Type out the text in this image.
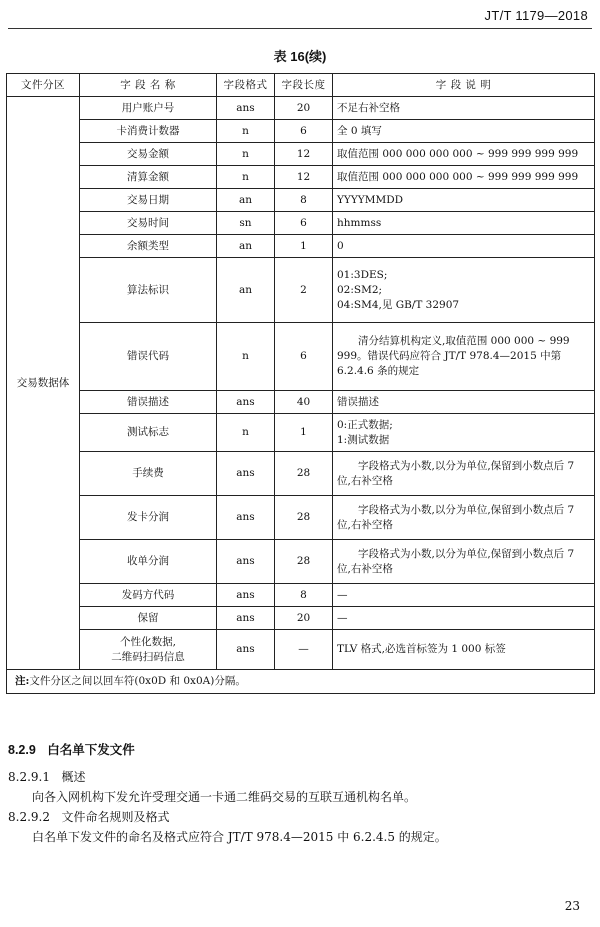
JT/T 1179—2018
表 16(续)
文件分区	字 段 名 称	字段格式	字段长度	字 段 说 明
交易数据体	用户账户号	ans	20	不足右补空格
	卡消费计数器	n	6	全 0 填写
	交易金额	n	12	取值范围 000 000 000 000 ~ 999 999 999 999
	清算金额	n	12	取值范围 000 000 000 000 ~ 999 999 999 999
	交易日期	an	8	YYYYMMDD
	交易时间	sn	6	hhmmss
	余额类型	an	1	0
	算法标识	an	2	01:3DES;
02:SM2;
04:SM4,见 GB/T 32907
	错误代码	n	6	　　清分结算机构定义,取值范围 000 000 ~ 999 999。错误代码应符合 JT/T 978.4—2015 中第 6.2.4.6 条的规定
	错误描述	ans	40	错误描述
	测试标志	n	1	0:正式数据;
1:测试数据
	手续费	ans	28	　　字段格式为小数,以分为单位,保留到小数点后 7 位,右补空格
	发卡分润	ans	28	　　字段格式为小数,以分为单位,保留到小数点后 7 位,右补空格
	收单分润	ans	28	　　字段格式为小数,以分为单位,保留到小数点后 7 位,右补空格
	发码方代码	ans	8	—
	保留	ans	20	—
	个性化数据,
二维码扫码信息	ans	—	TLV 格式,必选首标签为 1 000 标签
注:文件分区之间以回车符(0x0D 和 0x0A)分隔。				
8.2.9 白名单下发文件
8.2.9.1 概述
向各入网机构下发允许受理交通一卡通二维码交易的互联互通机构名单。
8.2.9.2 文件命名规则及格式
白名单下发文件的命名及格式应符合 JT/T 978.4—2015 中 6.2.4.5 的规定。
23
